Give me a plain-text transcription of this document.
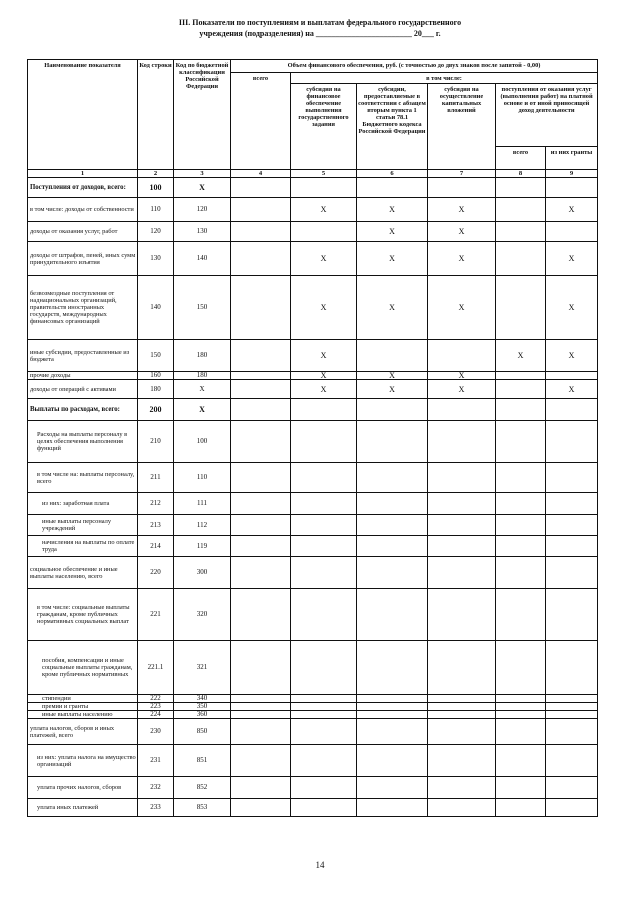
III. Показатели по поступлениям и выплатам федерального государственного
учреждения (подразделения) на ________________________ 20___ г.
Наименование показателя	Код строки	Код по бюджетной классификации Российской Федерации	Объем финансового обеспечения, руб. (с точностью до двух знаков после запятой - 0,00)					
			всего	в том числе:				
				субсидия на финансовое обеспечение выполнения государственного задания	субсидии, предоставляемые в соответствии с абзацем вторым пункта 1 статьи 78.1 Бюджетного кодекса Российской Федерации	субсидия на осуществление капитальных вложений	поступления от оказания услуг (выполнения работ) на платной основе и от иной приносящей доход деятельности	
							всего	из них гранты
1	2	3	4	5	6	7	8	9
Поступления от доходов, всего:	100	X						
в том числе: доходы от собственности	110	120		X	X	X		X
доходы от оказания услуг, работ	120	130			X	X		
доходы от штрафов, пеней, иных сумм принудительного изъятия	130	140		X	X	X		X
безвозмездные поступления от наднациональных организаций, правительств иностранных государств, международных финансовых организаций	140	150		X	X	X		X
иные субсидии, предоставленные из бюджета	150	180		X			X	X
прочие доходы	160	180		X	X	X		
доходы от операций с активами	180	X		X	X	X		X
Выплаты по расходам, всего:	200	X						
Расходы на выплаты персоналу в целях обеспечения выполнения функций	210	100						
в том числе на: выплаты персоналу, всего	211	110						
из них: заработная плата	212	111						
иные выплаты персоналу учреждений	213	112						
начисления на выплаты по оплате труда	214	119						
социальное обеспечение и иные выплаты населению, всего	220	300						
в том числе: социальные выплаты гражданам, кроме публичных нормативных социальных выплат	221	320						
пособия, компенсации и иные социальные выплаты гражданам, кроме публичных нормативных	221.1	321						
стипендии	222	340						
премии и гранты	223	350						
иные выплаты населению	224	360						
уплата налогов, сборов и иных платежей, всего	230	850						
из них: уплата налога на имущество организаций	231	851						
уплата прочих налогов, сборов	232	852						
уплата иных платежей	233	853						
14
